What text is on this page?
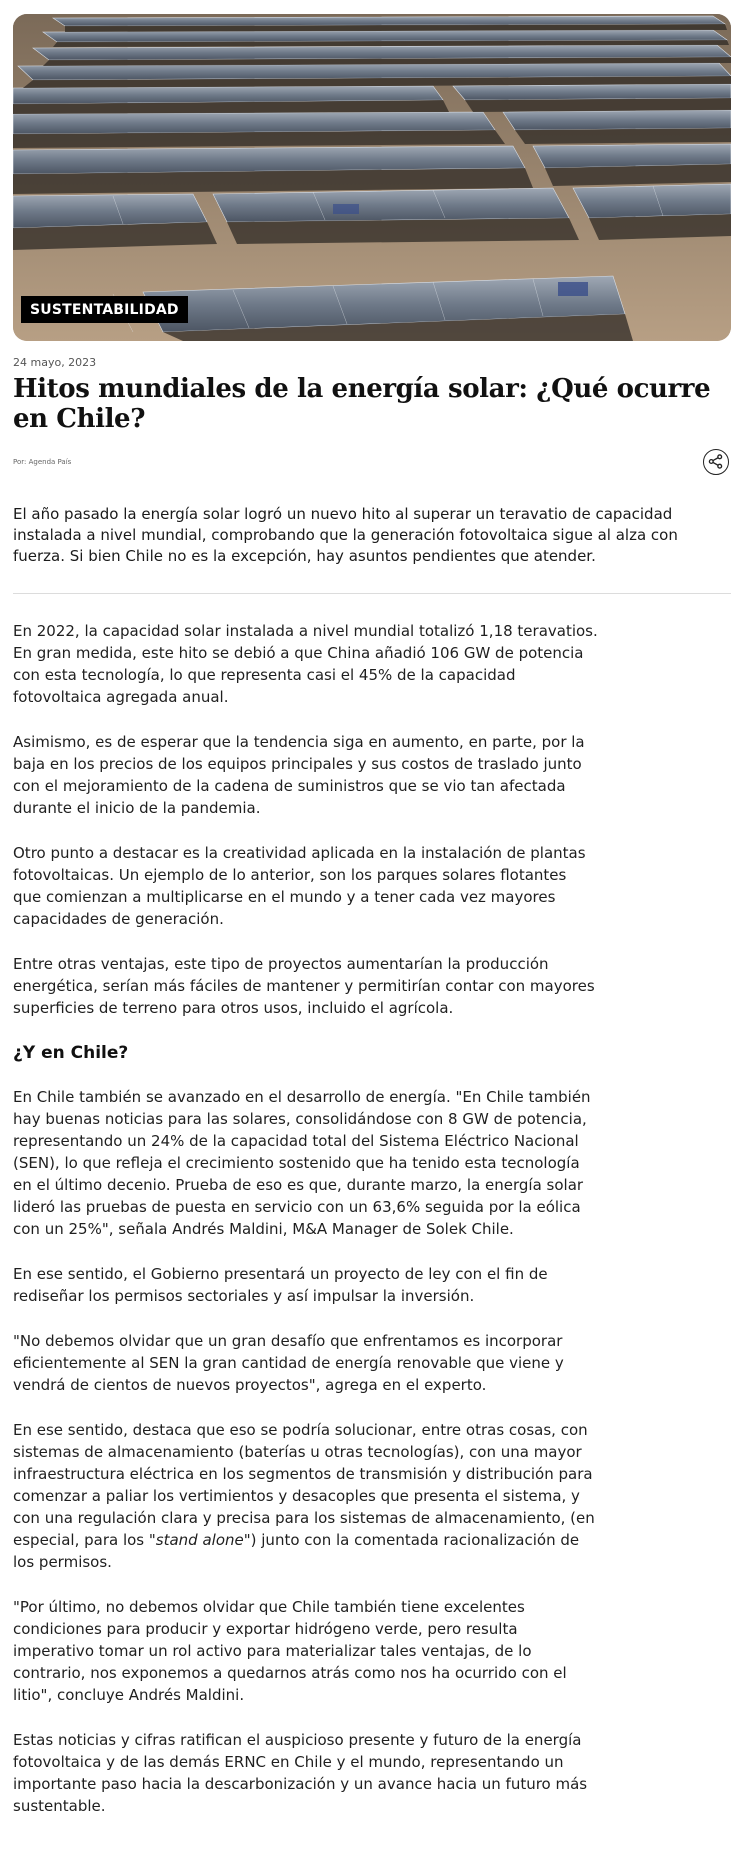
SUSTENTABILIDAD
24 mayo, 2023
Hitos mundiales de la energía solar: ¿Qué ocurre en Chile?
Por: Agenda País

El año pasado la energía solar logró un nuevo hito al superar un teravatio de capacidad instalada a nivel mundial, comprobando que la generación fotovoltaica sigue al alza con fuerza. Si bien Chile no es la excepción, hay asuntos pendientes que atender.

En 2022, la capacidad solar instalada a nivel mundial totalizó 1,18 teravatios. En gran medida, este hito se debió a que China añadió 106 GW de potencia con esta tecnología, lo que representa casi el 45% de la capacidad fotovoltaica agregada anual.

Asimismo, es de esperar que la tendencia siga en aumento, en parte, por la baja en los precios de los equipos principales y sus costos de traslado junto con el mejoramiento de la cadena de suministros que se vio tan afectada durante el inicio de la pandemia.

Otro punto a destacar es la creatividad aplicada en la instalación de plantas fotovoltaicas. Un ejemplo de lo anterior, son los parques solares flotantes que comienzan a multiplicarse en el mundo y a tener cada vez mayores capacidades de generación.

Entre otras ventajas, este tipo de proyectos aumentarían la producción energética, serían más fáciles de mantener y permitirían contar con mayores superficies de terreno para otros usos, incluido el agrícola.

¿Y en Chile?

En Chile también se avanzado en el desarrollo de energía. "En Chile también hay buenas noticias para las solares, consolidándose con 8 GW de potencia, representando un 24% de la capacidad total del Sistema Eléctrico Nacional (SEN), lo que refleja el crecimiento sostenido que ha tenido esta tecnología en el último decenio. Prueba de eso es que, durante marzo, la energía solar lideró las pruebas de puesta en servicio con un 63,6% seguida por la eólica con un 25%", señala Andrés Maldini, M&A Manager de Solek Chile.

En ese sentido, el Gobierno presentará un proyecto de ley con el fin de rediseñar los permisos sectoriales y así impulsar la inversión.

"No debemos olvidar que un gran desafío que enfrentamos es incorporar eficientemente al SEN la gran cantidad de energía renovable que viene y vendrá de cientos de nuevos proyectos", agrega en el experto.

En ese sentido, destaca que eso se podría solucionar, entre otras cosas, con sistemas de almacenamiento (baterías u otras tecnologías), con una mayor infraestructura eléctrica en los segmentos de transmisión y distribución para comenzar a paliar los vertimientos y desacoples que presenta el sistema, y con una regulación clara y precisa para los sistemas de almacenamiento, (en especial, para los "stand alone") junto con la comentada racionalización de los permisos.

"Por último, no debemos olvidar que Chile también tiene excelentes condiciones para producir y exportar hidrógeno verde, pero resulta imperativo tomar un rol activo para materializar tales ventajas, de lo contrario, nos exponemos a quedarnos atrás como nos ha ocurrido con el litio", concluye Andrés Maldini.

Estas noticias y cifras ratifican el auspicioso presente y futuro de la energía fotovoltaica y de las demás ERNC en Chile y el mundo, representando un importante paso hacia la descarbonización y un avance hacia un futuro más sustentable.
